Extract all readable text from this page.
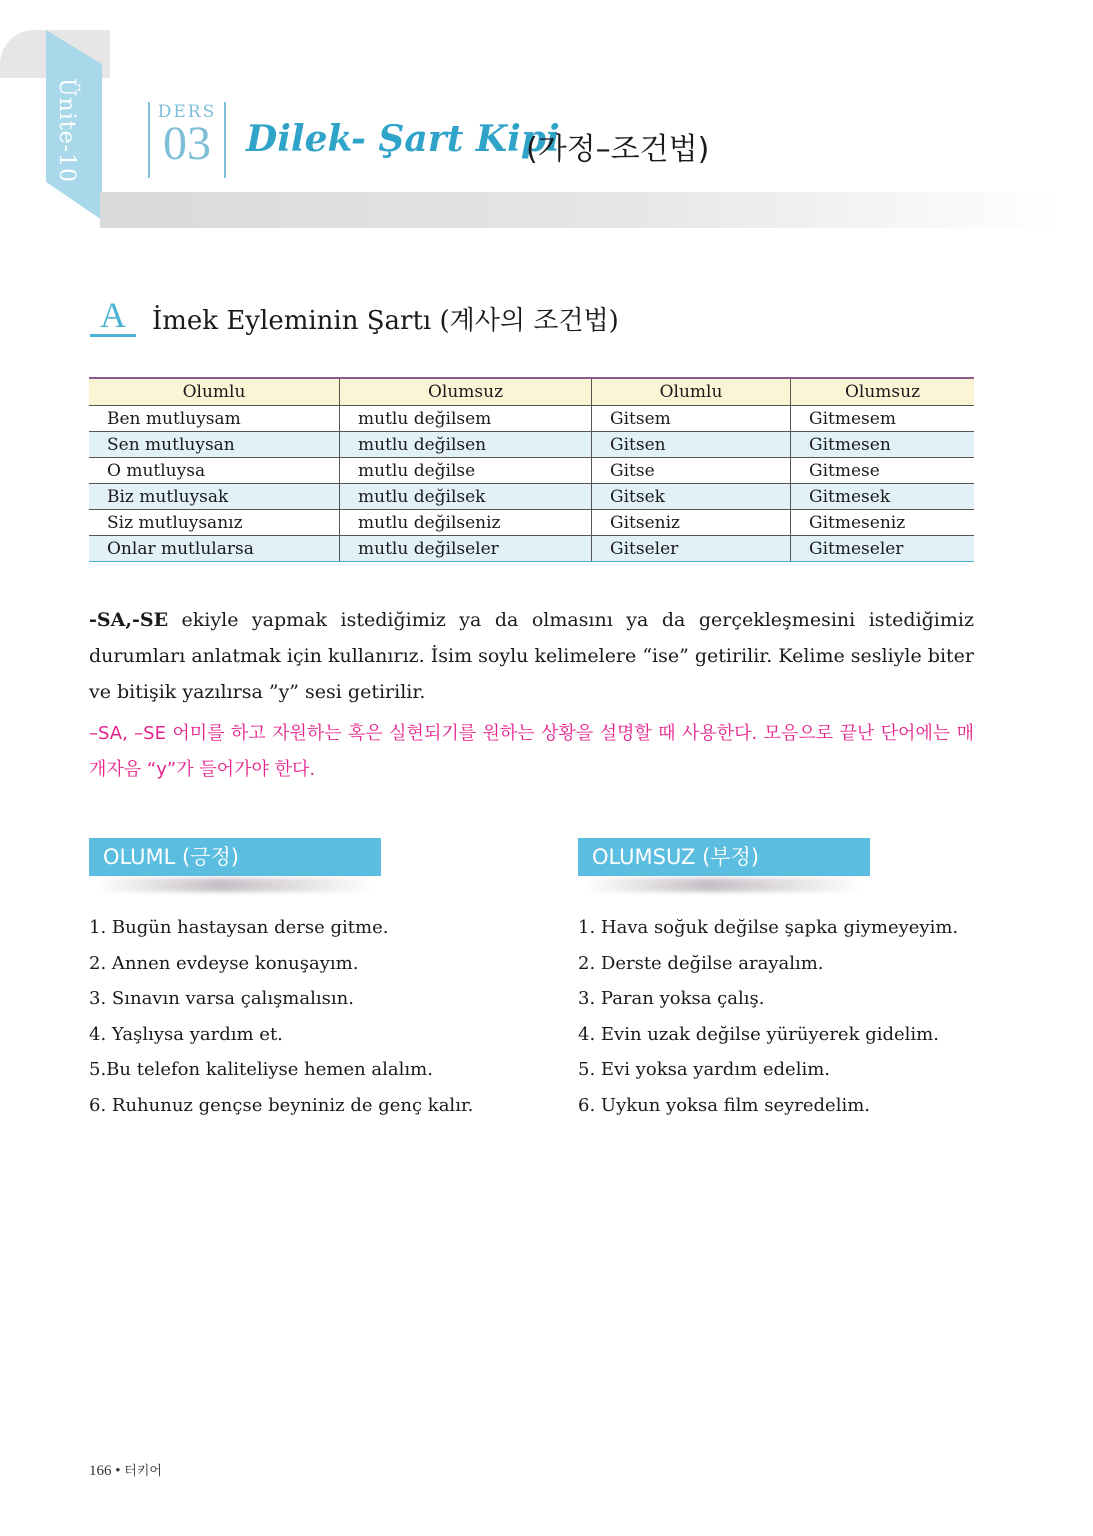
Ünite-10	DERS
03 Dilek- Şart Kipi
(가정–조건법)
A	İmek Eyleminin Şartı (계사의 조건법)
Olumlu	Olumsuz	Olumlu	Olumsuz
Ben mutluysam	mutlu değilsem	Gitsem	Gitmesem
Sen mutluysan	mutlu değilsen	Gitsen	Gitmesen
O mutluysa	mutlu değilse	Gitse	Gitmese
Biz mutluysak	mutlu değilsek	Gitsek	Gitmesek
Siz mutluysanız	mutlu değilseniz	Gitseniz	Gitmeseniz
Onlar mutlularsa	mutlu değilseler	Gitseler	Gitmeseler
-SA,-SE ekiyle yapmak istediğimiz ya da olmasını ya da gerçekleşmesini istediğimiz durumları anlatmak için kullanırız. İsim soylu kelimelere “ise” getirilir. Kelime sesliyle biter ve bitişik yazılırsa ”y” sesi getirilir.
–SA, –SE 어미를 하고 자원하는 혹은 실현되기를 원하는 상황을 설명할 때 사용한다. 모음으로 끝난 단어에는 매개자음 “y”가 들어가야 한다.
OLUML (긍정)
1. Bugün hastaysan derse gitme.
2. Annen evdeyse konuşayım.
3. Sınavın varsa çalışmalısın.
4. Yaşlıysa yardım et.
5.Bu telefon kaliteliyse hemen alalım.
6. Ruhunuz gençse beyniniz de genç kalır.
OLUMSUZ (부정)
1. Hava soğuk değilse şapka giymeyeyim.
2. Derste değilse arayalım.
3. Paran yoksa çalış.
4. Evin uzak değilse yürüyerek gidelim.
5. Evi yoksa yardım edelim.
6. Uykun yoksa film seyredelim.
166 • 터키어
